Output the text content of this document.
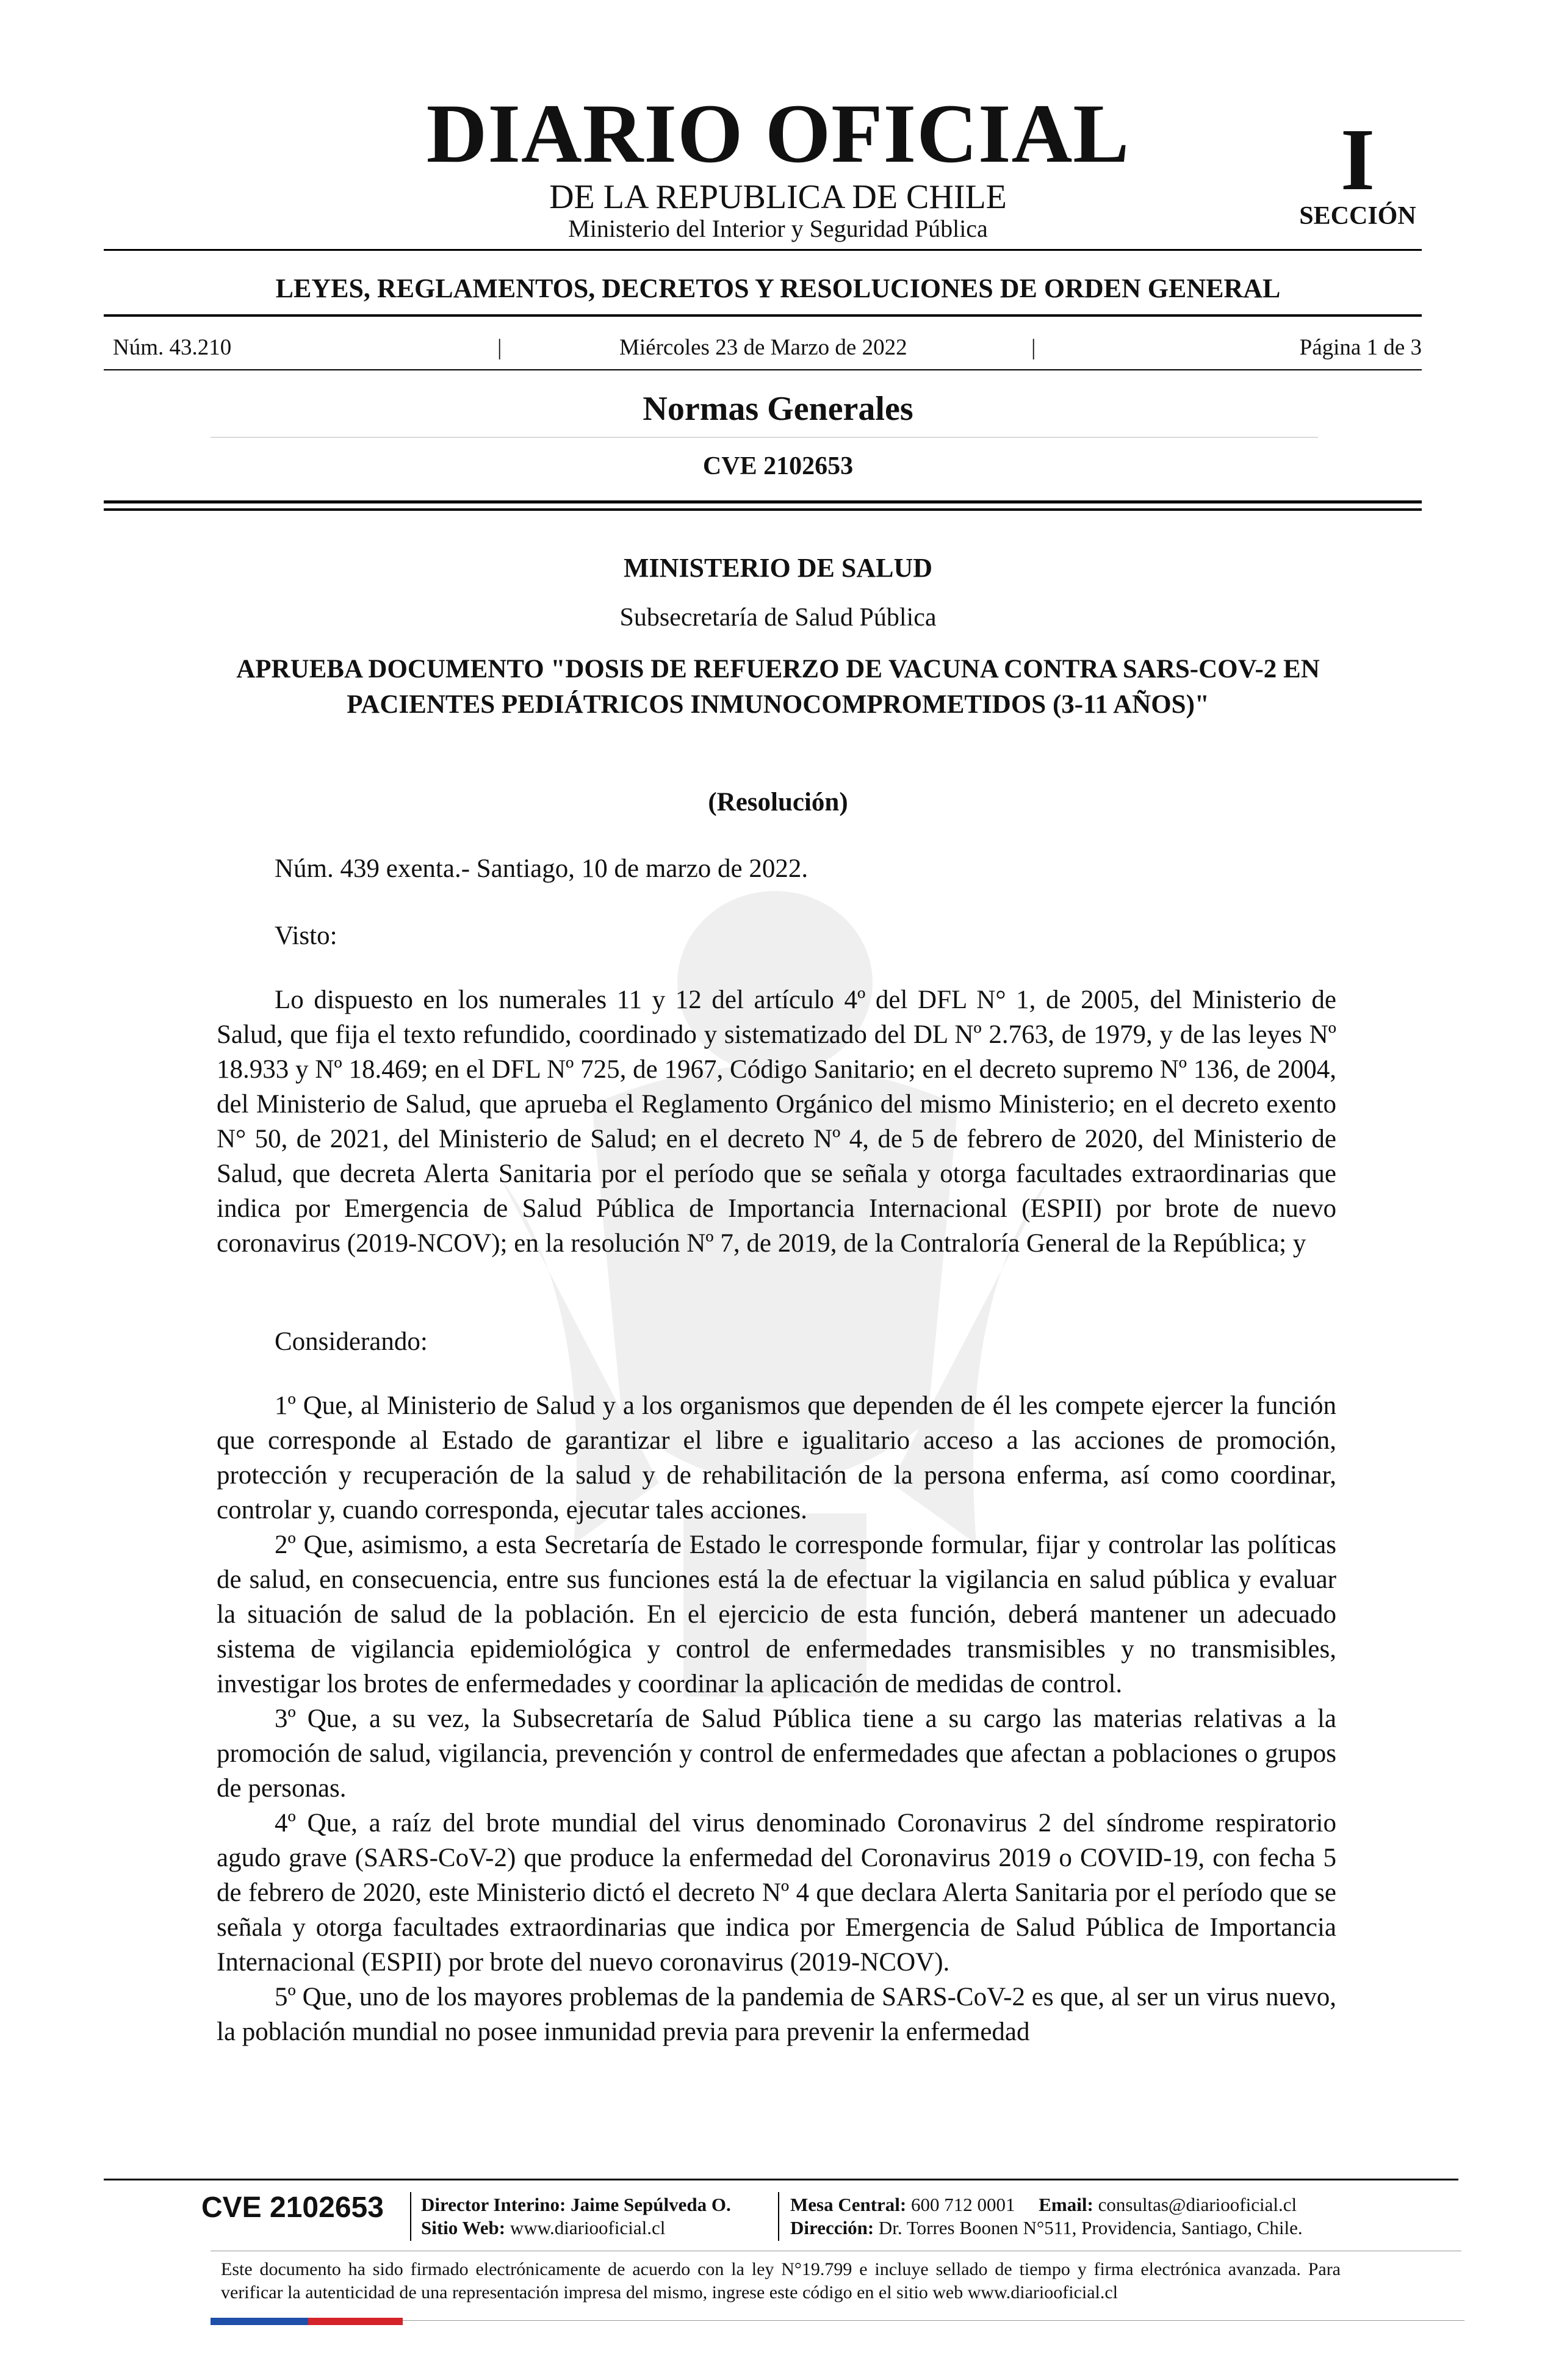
DIARIO OFICIAL
DE LA REPUBLICA DE CHILE
Ministerio del Interior y Seguridad Pública
I
SECCIÓN
LEYES, REGLAMENTOS, DECRETOS Y RESOLUCIONES DE ORDEN GENERAL
Núm. 43.210	|	Miércoles 23 de Marzo de 2022	|	Página 1 de 3
Normas Generales
CVE 2102653
MINISTERIO DE SALUD
Subsecretaría de Salud Pública
APRUEBA DOCUMENTO "DOSIS DE REFUERZO DE VACUNA CONTRA SARS-COV-2 EN PACIENTES PEDIÁTRICOS INMUNOCOMPROMETIDOS (3-11 AÑOS)"
(Resolución)
Núm. 439 exenta.- Santiago, 10 de marzo de 2022.
Visto:
Lo dispuesto en los numerales 11 y 12 del artículo 4º del DFL N° 1, de 2005, del Ministerio de Salud, que fija el texto refundido, coordinado y sistematizado del DL Nº 2.763, de 1979, y de las leyes Nº 18.933 y Nº 18.469; en el DFL Nº 725, de 1967, Código Sanitario; en el decreto supremo Nº 136, de 2004, del Ministerio de Salud, que aprueba el Reglamento Orgánico del mismo Ministerio; en el decreto exento N° 50, de 2021, del Ministerio de Salud; en el decreto Nº 4, de 5 de febrero de 2020, del Ministerio de Salud, que decreta Alerta Sanitaria por el período que se señala y otorga facultades extraordinarias que indica por Emergencia de Salud Pública de Importancia Internacional (ESPII) por brote de nuevo coronavirus (2019-NCOV); en la resolución Nº 7, de 2019, de la Contraloría General de la República; y
Considerando:

1º Que, al Ministerio de Salud y a los organismos que dependen de él les compete ejercer la función que corresponde al Estado de garantizar el libre e igualitario acceso a las acciones de promoción, protección y recuperación de la salud y de rehabilitación de la persona enferma, así como coordinar, controlar y, cuando corresponda, ejecutar tales acciones.

2º Que, asimismo, a esta Secretaría de Estado le corresponde formular, fijar y controlar las políticas de salud, en consecuencia, entre sus funciones está la de efectuar la vigilancia en salud pública y evaluar la situación de salud de la población. En el ejercicio de esta función, deberá mantener un adecuado sistema de vigilancia epidemiológica y control de enfermedades transmisibles y no transmisibles, investigar los brotes de enfermedades y coordinar la aplicación de medidas de control.

3º Que, a su vez, la Subsecretaría de Salud Pública tiene a su cargo las materias relativas a la promoción de salud, vigilancia, prevención y control de enfermedades que afectan a poblaciones o grupos de personas.

4º Que, a raíz del brote mundial del virus denominado Coronavirus 2 del síndrome respiratorio agudo grave (SARS-CoV-2) que produce la enfermedad del Coronavirus 2019 o COVID-19, con fecha 5 de febrero de 2020, este Ministerio dictó el decreto Nº 4 que declara Alerta Sanitaria por el período que se señala y otorga facultades extraordinarias que indica por Emergencia de Salud Pública de Importancia Internacional (ESPII) por brote del nuevo coronavirus (2019-NCOV).

5º Que, uno de los mayores problemas de la pandemia de SARS-CoV-2 es que, al ser un virus nuevo, la población mundial no posee inmunidad previa para prevenir la enfermedad

CVE 2102653 Director Interino: Jaime Sepúlveda O.
Sitio Web: www.diariooficial.cl
Mesa Central: 600 712 0001 Email: consultas@diariooficial.cl
Dirección: Dr. Torres Boonen N°511, Providencia, Santiago, Chile.
Este documento ha sido firmado electrónicamente de acuerdo con la ley N°19.799 e incluye sellado de tiempo y firma electrónica avanzada. Para verificar la autenticidad de una representación impresa del mismo, ingrese este código en el sitio web www.diariooficial.cl
